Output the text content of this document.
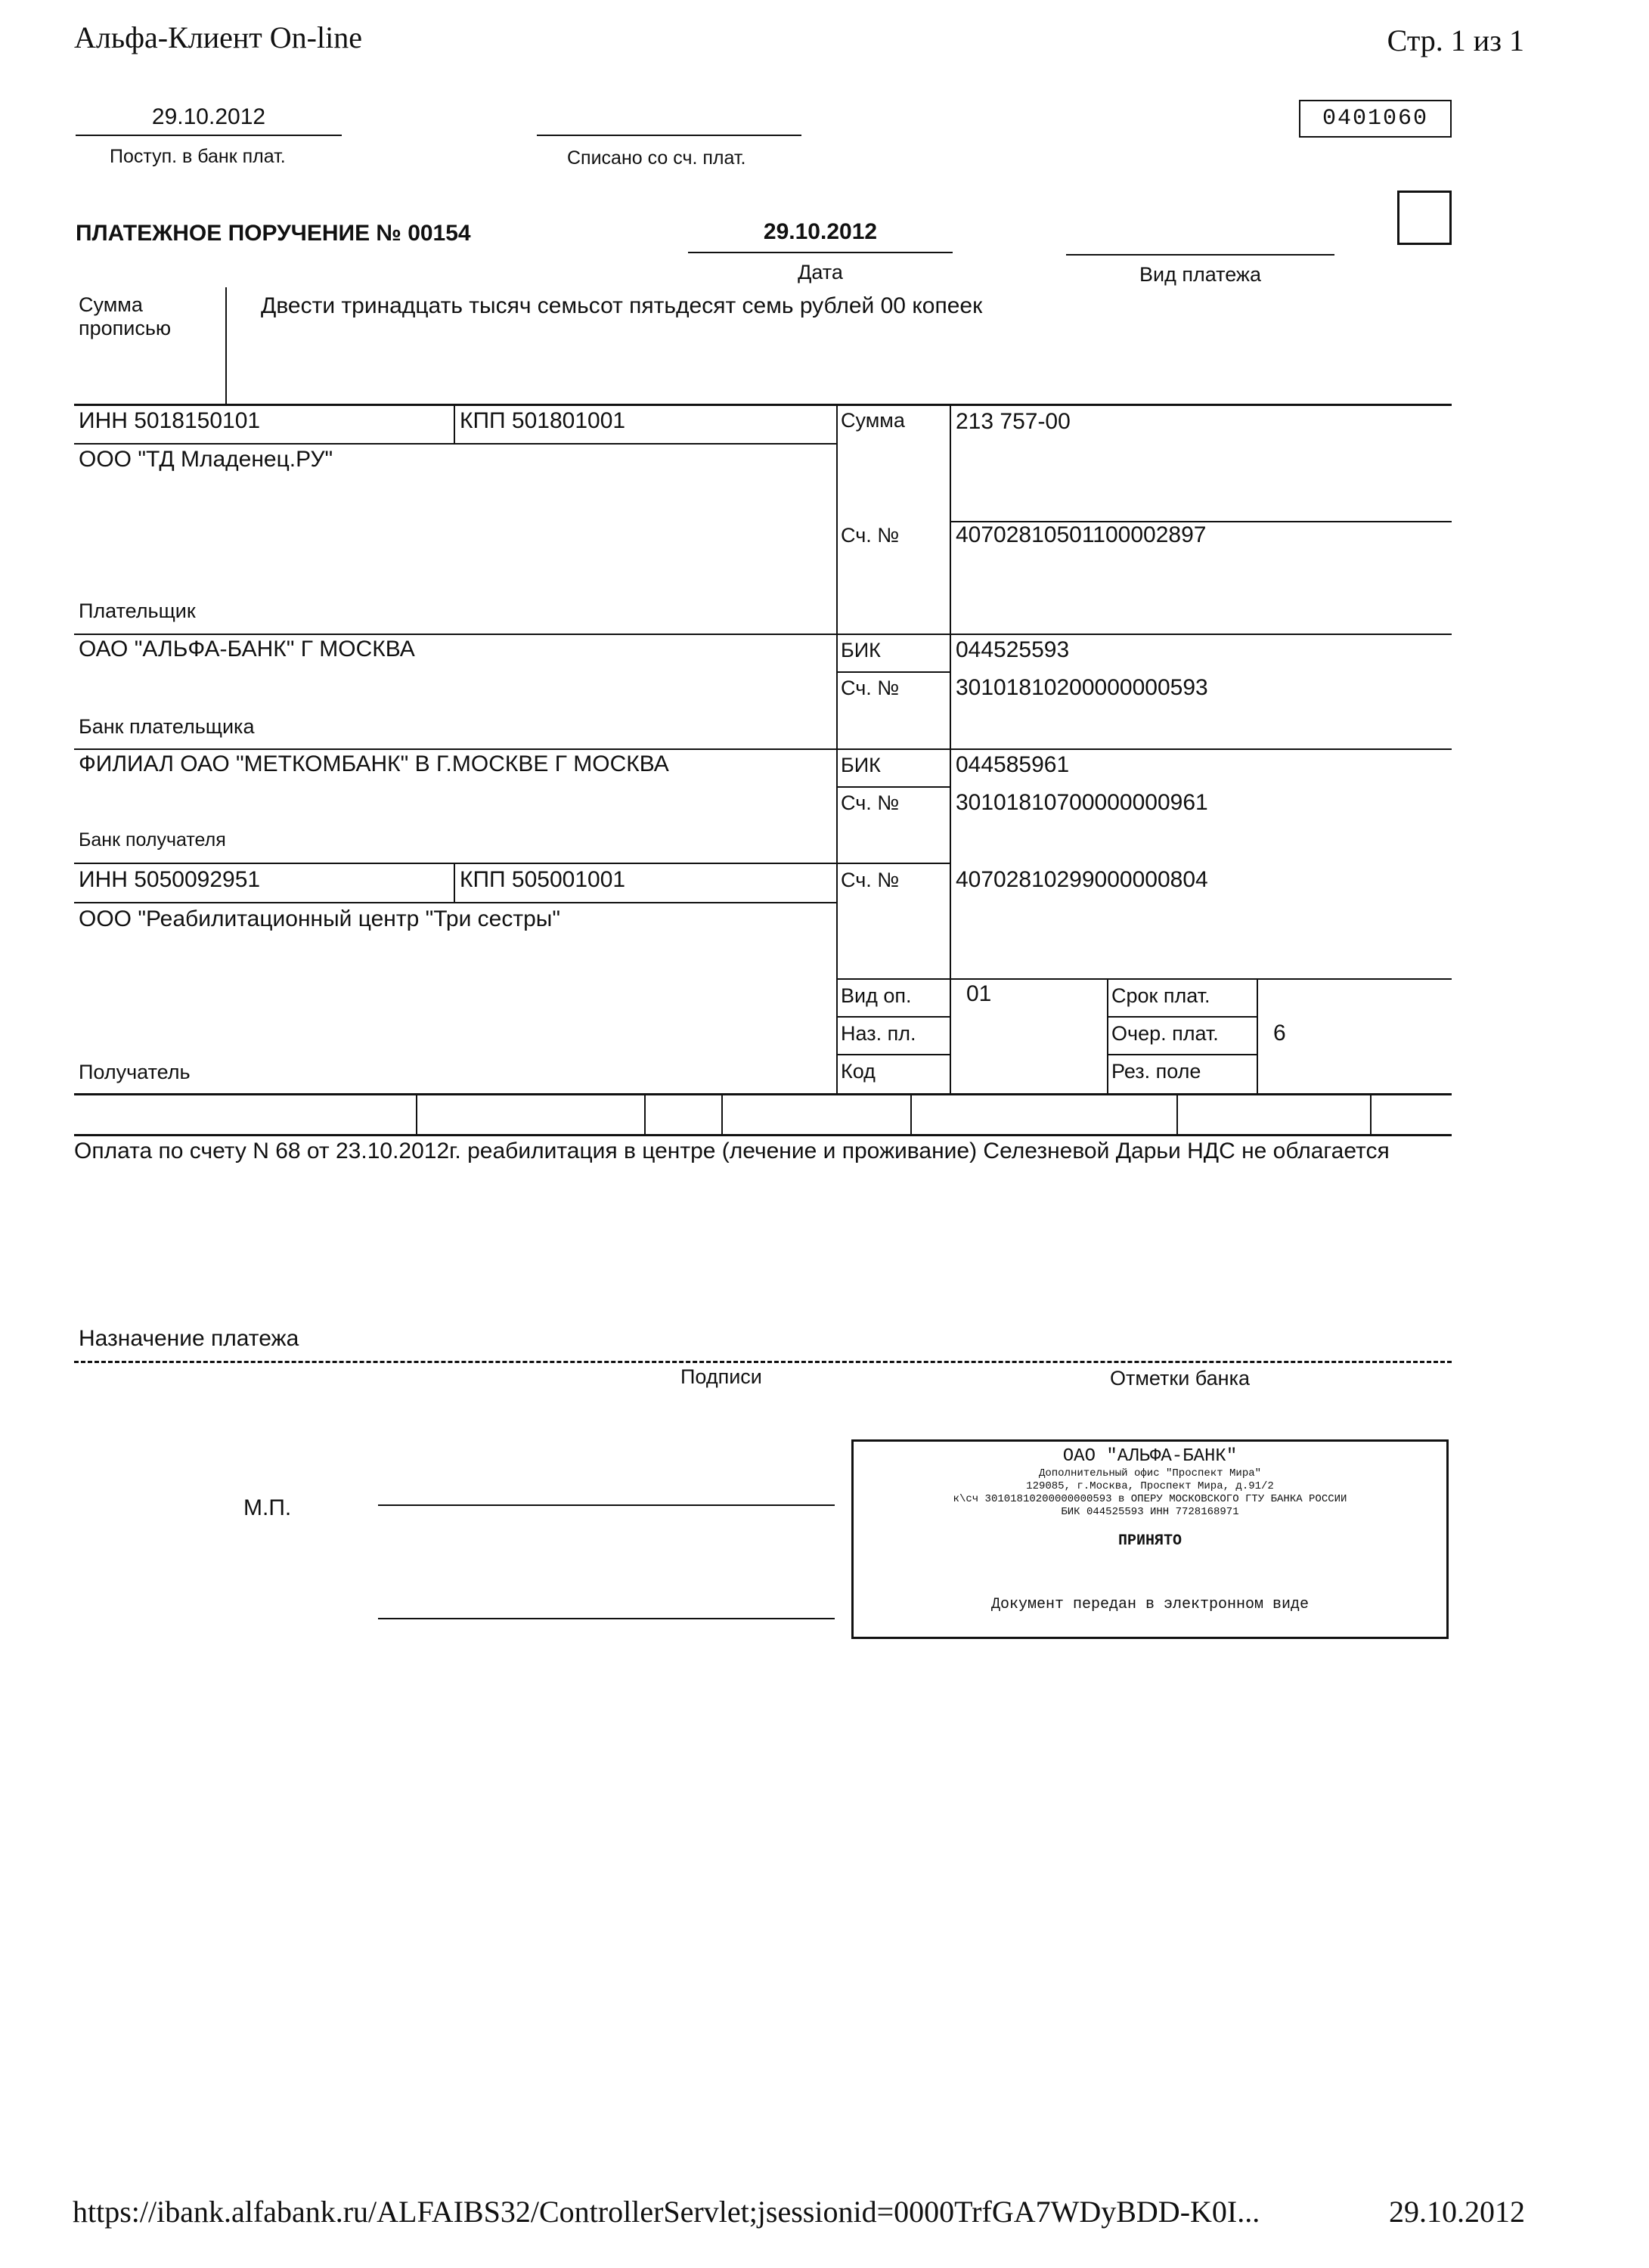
Альфа-Клиент On-line	Стр. 1 из 1
29.10.2012
Поступ. в банк плат.	Списано со сч. плат.
0401060
ПЛАТЕЖНОЕ ПОРУЧЕНИЕ № 00154	29.10.2012
Дата	Вид платежа
Сумма прописью
Двести тринадцать тысяч семьсот пятьдесят семь рублей 00 копеек
ИНН 5018150101	КПП 501801001
ООО "ТД Младенец.РУ"
Плательщик
Сумма 213 757-00
Сч. № 40702810501100002897
ОАО "АЛЬФА-БАНК" Г МОСКВА
Банк плательщика
БИК	044525593
Сч. № 30101810200000000593
ФИЛИАЛ ОАО "МЕТКОМБАНК" В Г.МОСКВЕ Г МОСКВА
Банк получателя
БИК	044585961
Сч. № 30101810700000000961
ИНН 5050092951	КПП 505001001
ООО "Реабилитационный центр "Три сестры"
Получатель
Сч. № 40702810299000000804
Вид оп. 01
Наз. пл.
Код
Срок плат.
Очер. плат. 6
Рез. поле
Оплата по счету N 68 от 23.10.2012г. реабилитация в центре (лечение и проживание) Селезневой Дарьи НДС не облагается
Назначение платежа
Подписи	Отметки банка
М.П.
ОАО "АЛЬФА-БАНК"
Дополнительный офис "Проспект Мира"
129085, г.Москва, Проспект Мира, д.91/2
к\сч 30101810200000000593 в ОПЕРУ МОСКОВСКОГО ГТУ БАНКА РОССИИ
БИК 044525593 ИНН 7728168971
ПРИНЯТО
Документ передан в электронном виде
https://ibank.alfabank.ru/ALFAIBS32/ControllerServlet;jsessionid=0000TrfGA7WDyBDD-K0I...	29.10.2012
